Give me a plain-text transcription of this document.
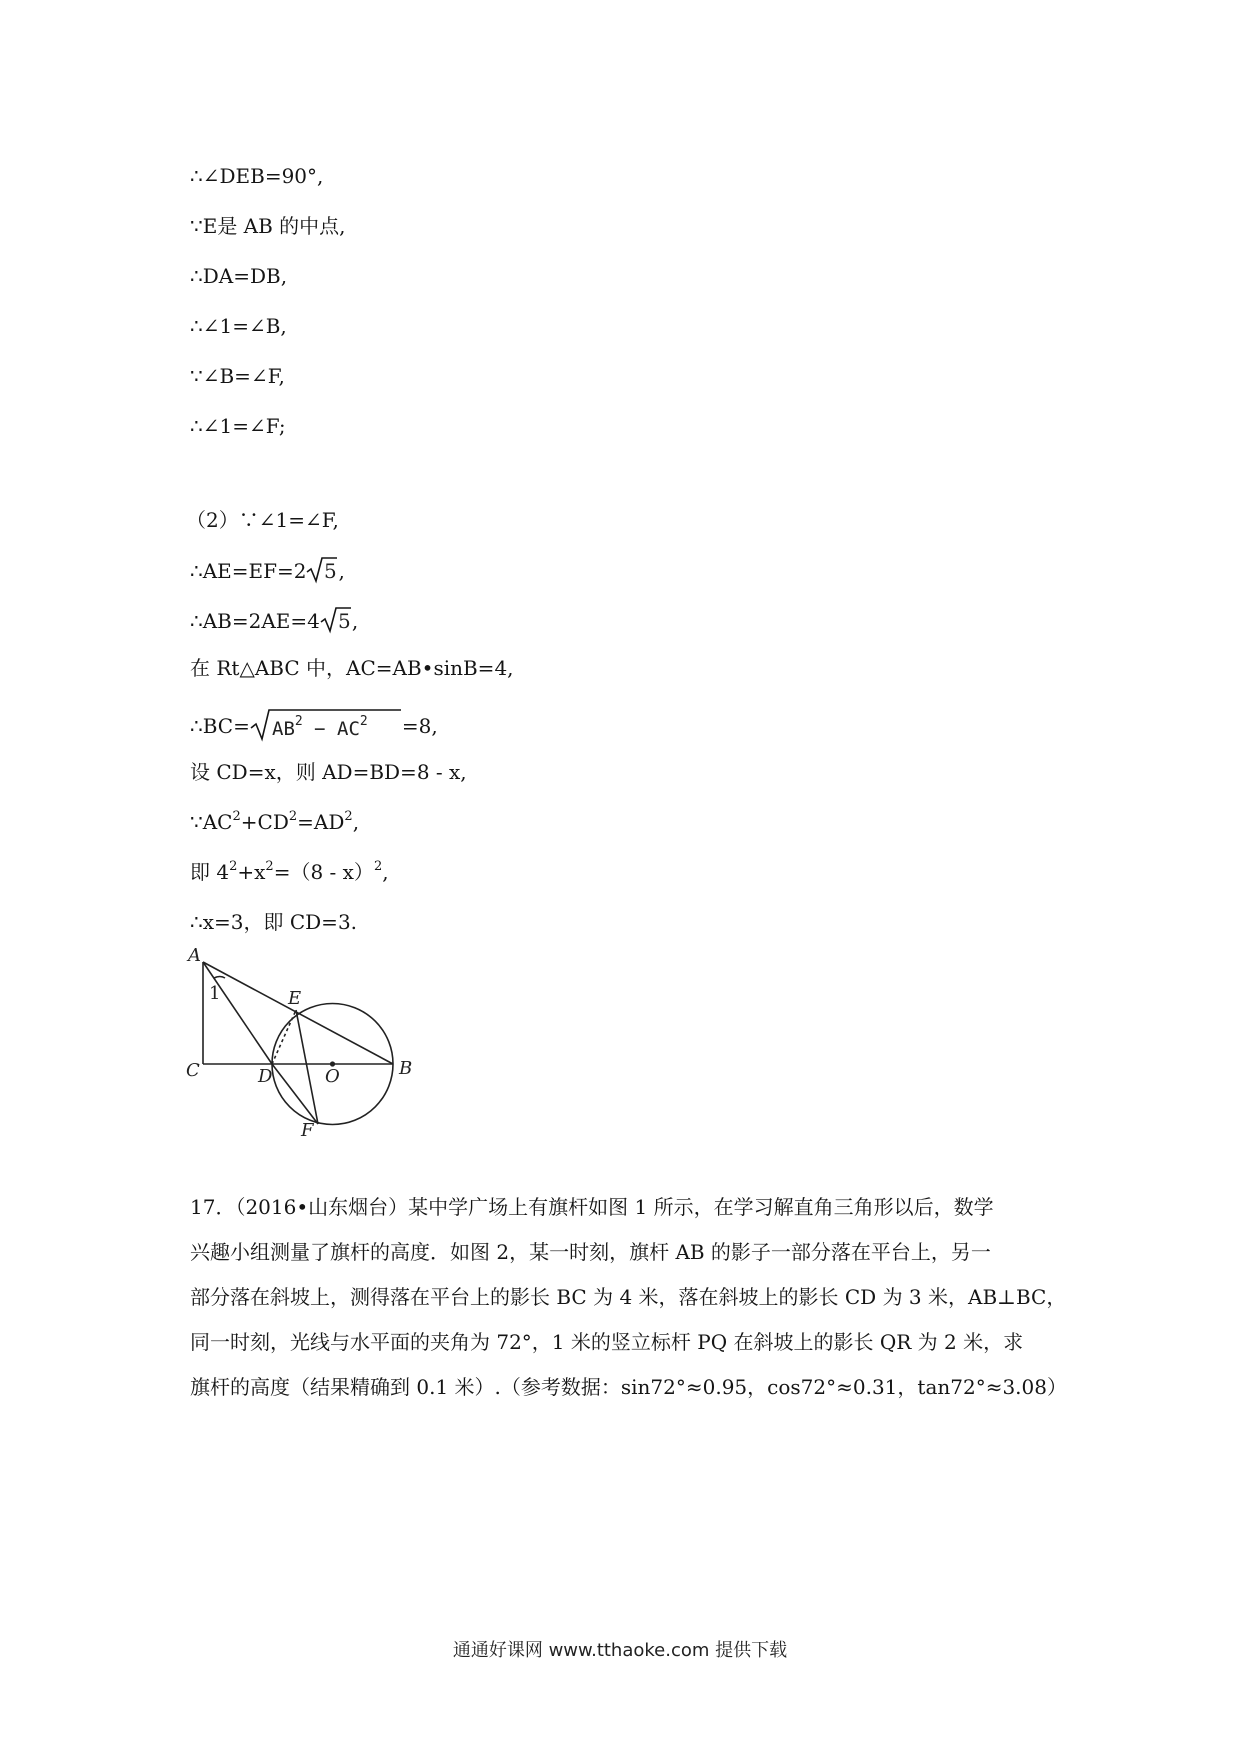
∴∠DEB=90°,
∵E是 AB 的中点,
∴DA=DB,
∴∠1=∠B,
∵∠B=∠F,
∴∠1=∠F;
（2）∵∠1=∠F,
∴AE=EF=2 5 ,
∴AB=2AE=4 5 ,
在 Rt△ABC 中，AC=AB•sinB=4,
∴BC= $AB^2 - AC^2 =8$,
设 CD=x，则 AD=BD=8 - x,
$\because AC^2+CD^2=AD^2$,
即 $4^2+x^2=(8 - x)^2$,
∴x=3，即 CD=3.
A
1	E
C	D	O	B
F
17．（2016•山东烟台）某中学广场上有旗杆如图 1 所示，在学习解直角三角形以后，数学
兴趣小组测量了旗杆的高度．如图 2，某一时刻，旗杆 AB 的影子一部分落在平台上，另一
部分落在斜坡上，测得落在平台上的影长 BC 为 4 米，落在斜坡上的影长 CD 为 3 米，AB⊥BC，
同一时刻，光线与水平面的夹角为 72°，1 米的竖立标杆 PQ 在斜坡上的影长 QR 为 2 米，求
旗杆的高度（结果精确到 0.1 米）.（参考数据：sin72°≈0.95，cos72°≈0.31，tan72°≈3.08）
通通好课网 www.tthaoke.com 提供下载
